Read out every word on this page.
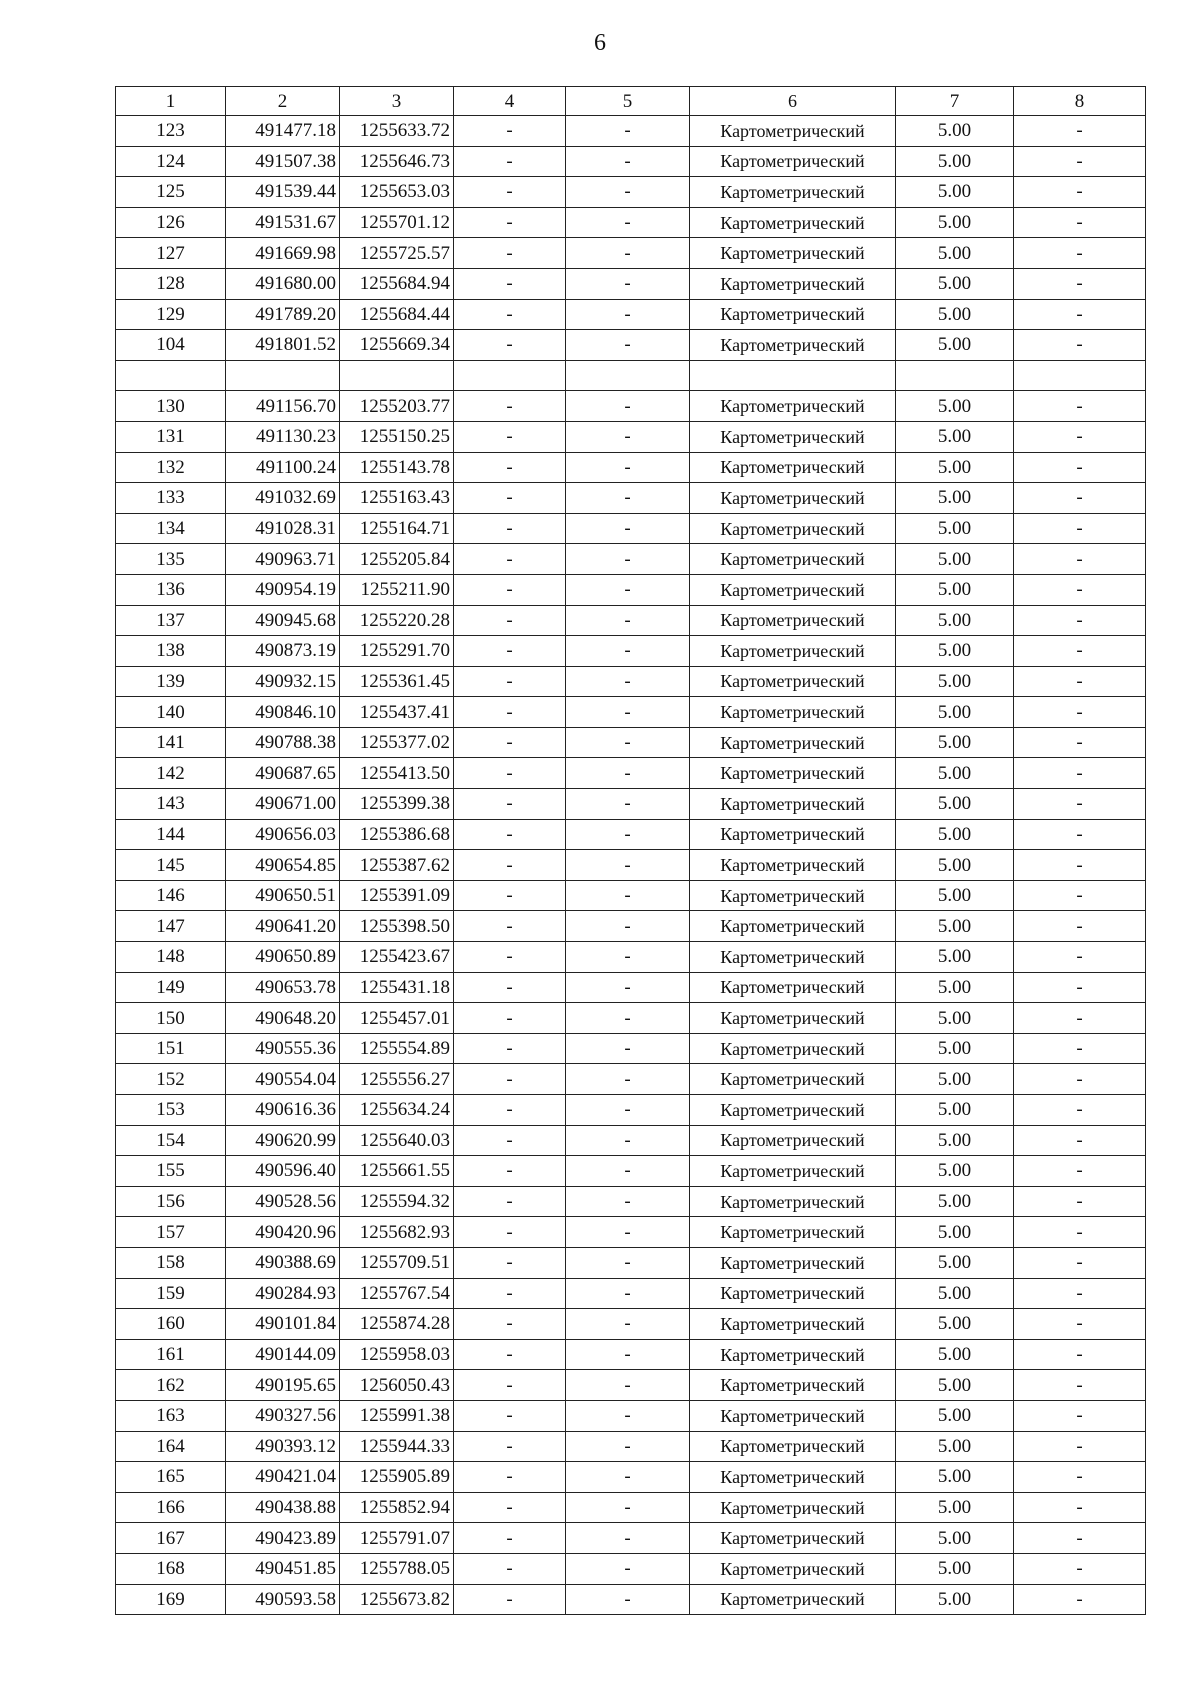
6
1	2	3	4	5	6	7	8
123	491477.18	1255633.72	-	-	Картометрический	5.00	-
124	491507.38	1255646.73	-	-	Картометрический	5.00	-
125	491539.44	1255653.03	-	-	Картометрический	5.00	-
126	491531.67	1255701.12	-	-	Картометрический	5.00	-
127	491669.98	1255725.57	-	-	Картометрический	5.00	-
128	491680.00	1255684.94	-	-	Картометрический	5.00	-
129	491789.20	1255684.44	-	-	Картометрический	5.00	-
104	491801.52	1255669.34	-	-	Картометрический	5.00	-

130	491156.70	1255203.77	-	-	Картометрический	5.00	-
131	491130.23	1255150.25	-	-	Картометрический	5.00	-
132	491100.24	1255143.78	-	-	Картометрический	5.00	-
133	491032.69	1255163.43	-	-	Картометрический	5.00	-
134	491028.31	1255164.71	-	-	Картометрический	5.00	-
135	490963.71	1255205.84	-	-	Картометрический	5.00	-
136	490954.19	1255211.90	-	-	Картометрический	5.00	-
137	490945.68	1255220.28	-	-	Картометрический	5.00	-
138	490873.19	1255291.70	-	-	Картометрический	5.00	-
139	490932.15	1255361.45	-	-	Картометрический	5.00	-
140	490846.10	1255437.41	-	-	Картометрический	5.00	-
141	490788.38	1255377.02	-	-	Картометрический	5.00	-
142	490687.65	1255413.50	-	-	Картометрический	5.00	-
143	490671.00	1255399.38	-	-	Картометрический	5.00	-
144	490656.03	1255386.68	-	-	Картометрический	5.00	-
145	490654.85	1255387.62	-	-	Картометрический	5.00	-
146	490650.51	1255391.09	-	-	Картометрический	5.00	-
147	490641.20	1255398.50	-	-	Картометрический	5.00	-
148	490650.89	1255423.67	-	-	Картометрический	5.00	-
149	490653.78	1255431.18	-	-	Картометрический	5.00	-
150	490648.20	1255457.01	-	-	Картометрический	5.00	-
151	490555.36	1255554.89	-	-	Картометрический	5.00	-
152	490554.04	1255556.27	-	-	Картометрический	5.00	-
153	490616.36	1255634.24	-	-	Картометрический	5.00	-
154	490620.99	1255640.03	-	-	Картометрический	5.00	-
155	490596.40	1255661.55	-	-	Картометрический	5.00	-
156	490528.56	1255594.32	-	-	Картометрический	5.00	-
157	490420.96	1255682.93	-	-	Картометрический	5.00	-
158	490388.69	1255709.51	-	-	Картометрический	5.00	-
159	490284.93	1255767.54	-	-	Картометрический	5.00	-
160	490101.84	1255874.28	-	-	Картометрический	5.00	-
161	490144.09	1255958.03	-	-	Картометрический	5.00	-
162	490195.65	1256050.43	-	-	Картометрический	5.00	-
163	490327.56	1255991.38	-	-	Картометрический	5.00	-
164	490393.12	1255944.33	-	-	Картометрический	5.00	-
165	490421.04	1255905.89	-	-	Картометрический	5.00	-
166	490438.88	1255852.94	-	-	Картометрический	5.00	-
167	490423.89	1255791.07	-	-	Картометрический	5.00	-
168	490451.85	1255788.05	-	-	Картометрический	5.00	-
169	490593.58	1255673.82	-	-	Картометрический	5.00	-
